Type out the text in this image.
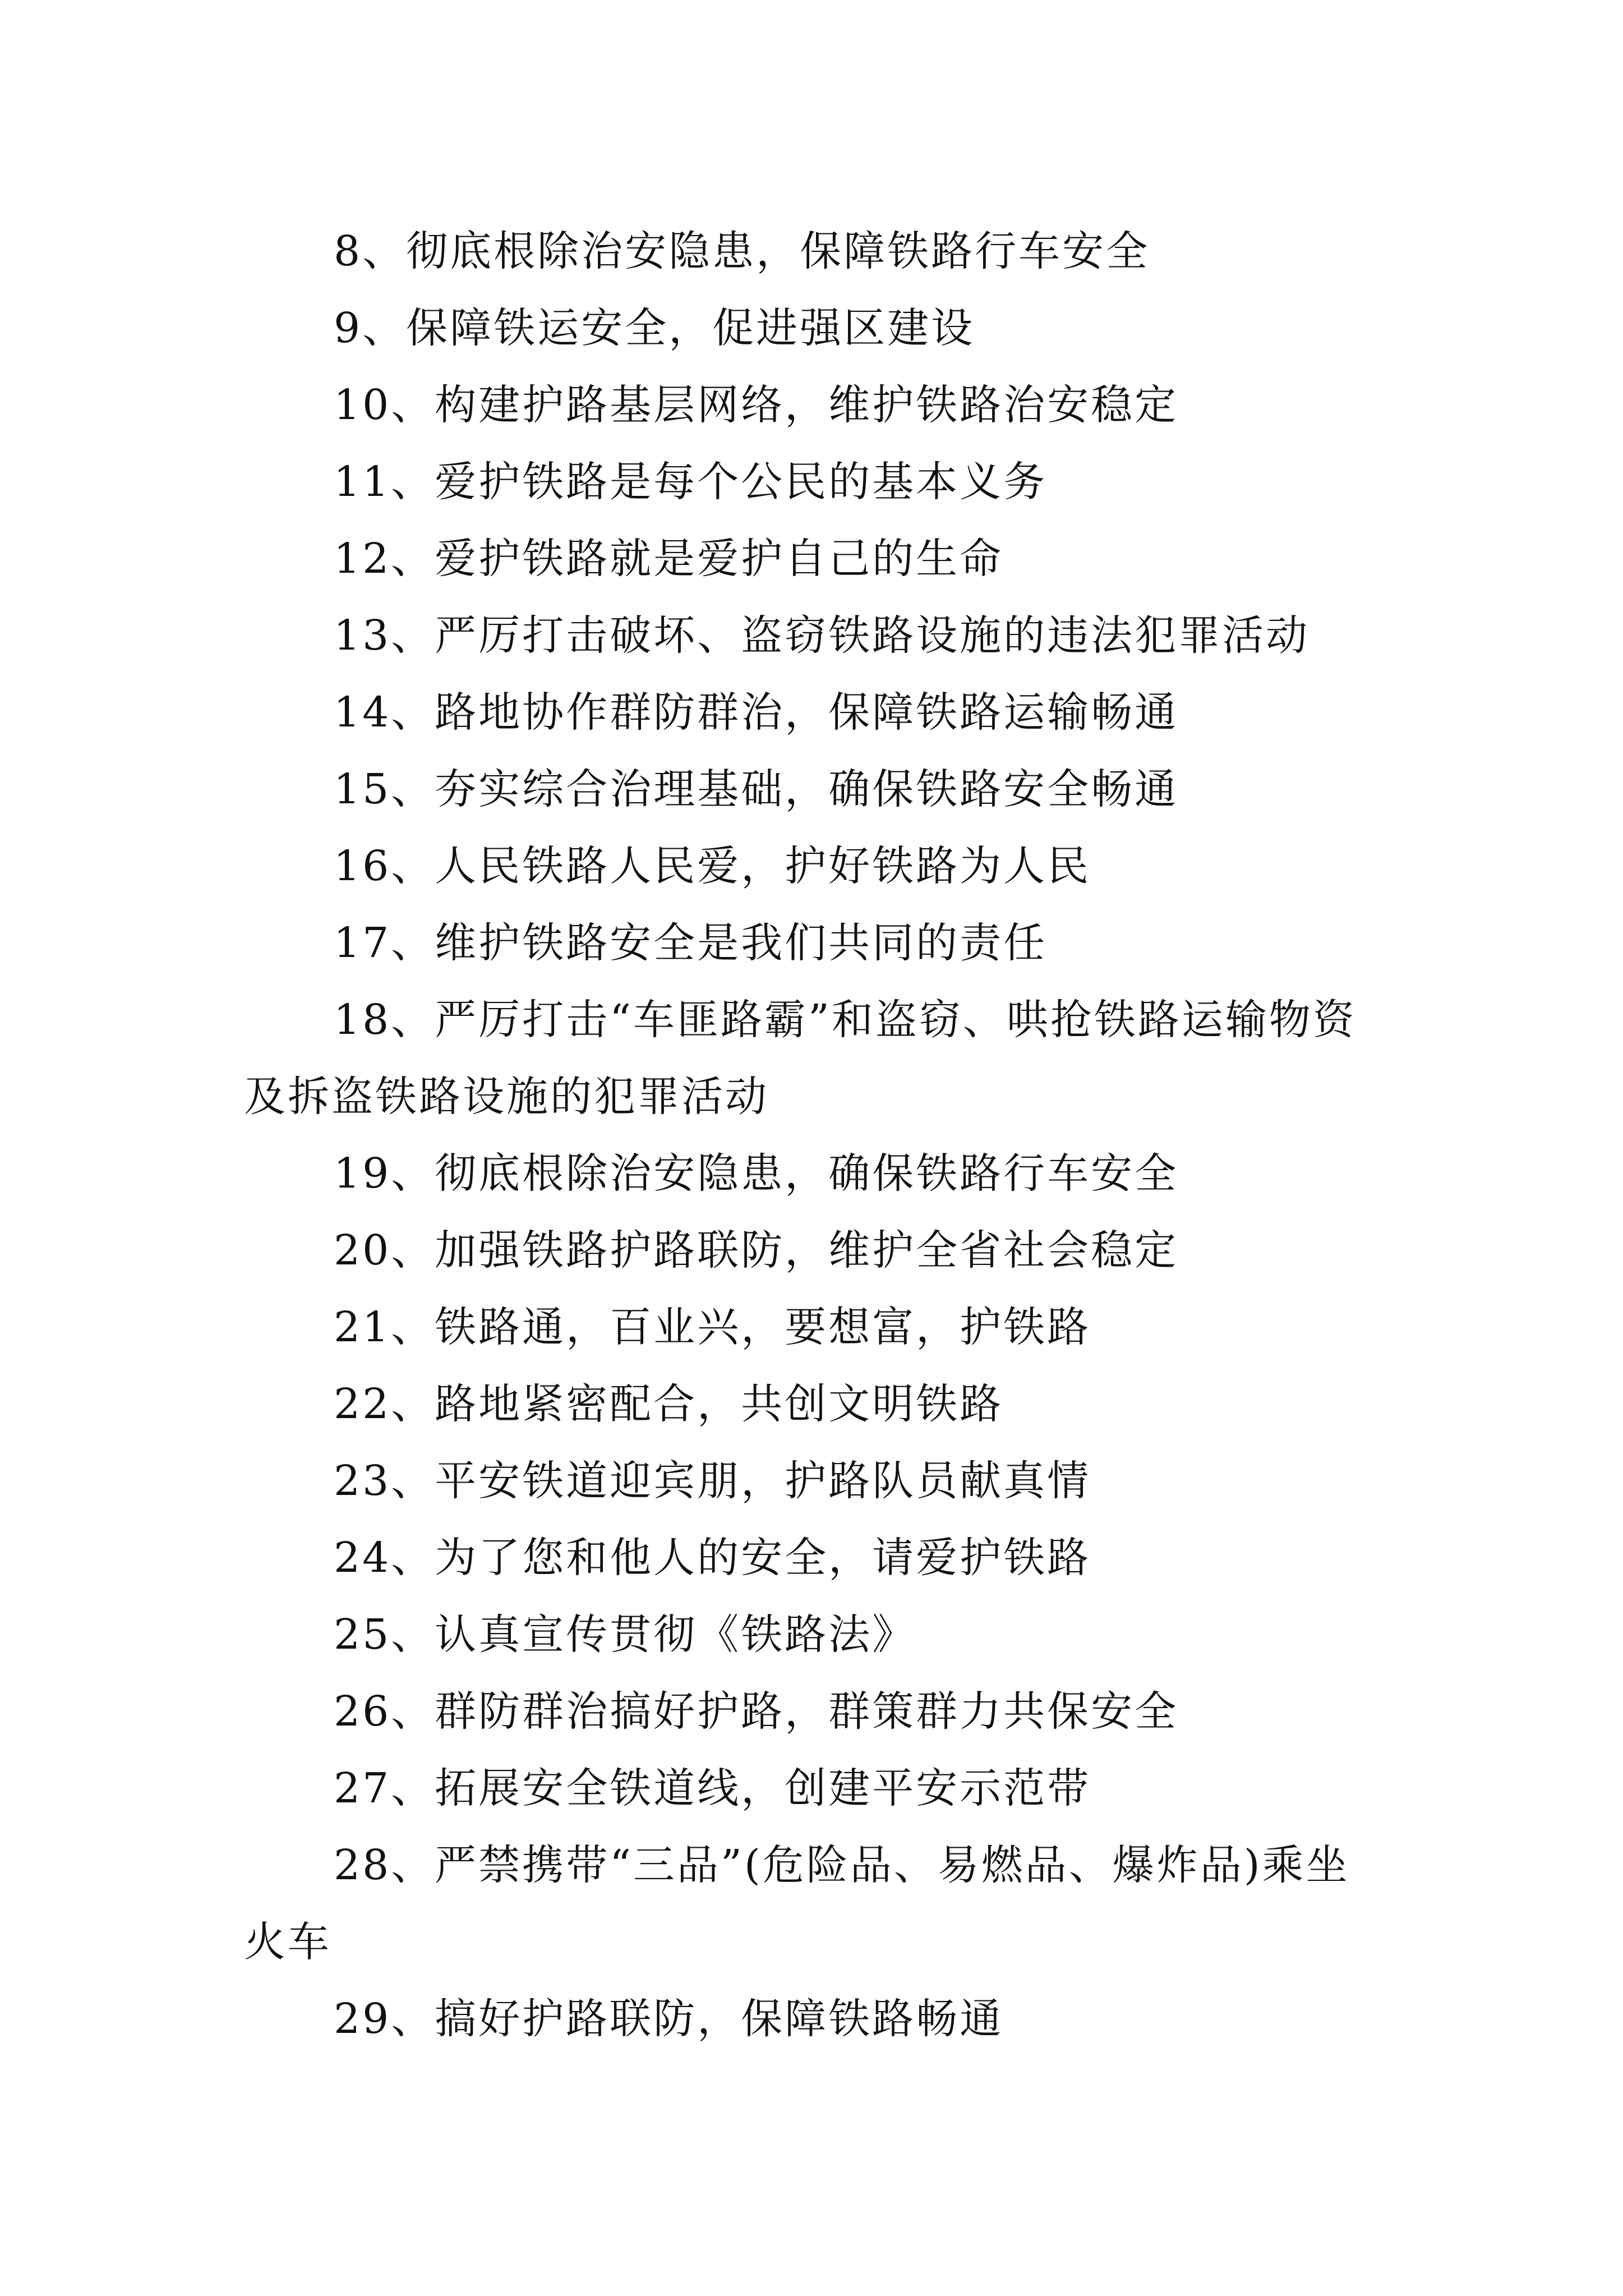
8、彻底根除治安隐患，保障铁路行车安全

9、保障铁运安全，促进强区建设

10、构建护路基层网络，维护铁路治安稳定

11、爱护铁路是每个公民的基本义务

12、爱护铁路就是爱护自己的生命

13、严厉打击破坏、盗窃铁路设施的违法犯罪活动

14、路地协作群防群治，保障铁路运输畅通

15、夯实综合治理基础，确保铁路安全畅通

16、人民铁路人民爱，护好铁路为人民

17、维护铁路安全是我们共同的责任

18、严厉打击“车匪路霸”和盗窃、哄抢铁路运输物资及拆盗铁路设施的犯罪活动

19、彻底根除治安隐患，确保铁路行车安全

20、加强铁路护路联防，维护全省社会稳定

21、铁路通，百业兴，要想富，护铁路

22、路地紧密配合，共创文明铁路

23、平安铁道迎宾朋，护路队员献真情

24、为了您和他人的安全，请爱护铁路

25、认真宣传贯彻《铁路法》

26、群防群治搞好护路，群策群力共保安全

27、拓展安全铁道线，创建平安示范带

28、严禁携带“三品”(危险品、易燃品、爆炸品)乘坐火车

29、搞好护路联防，保障铁路畅通
